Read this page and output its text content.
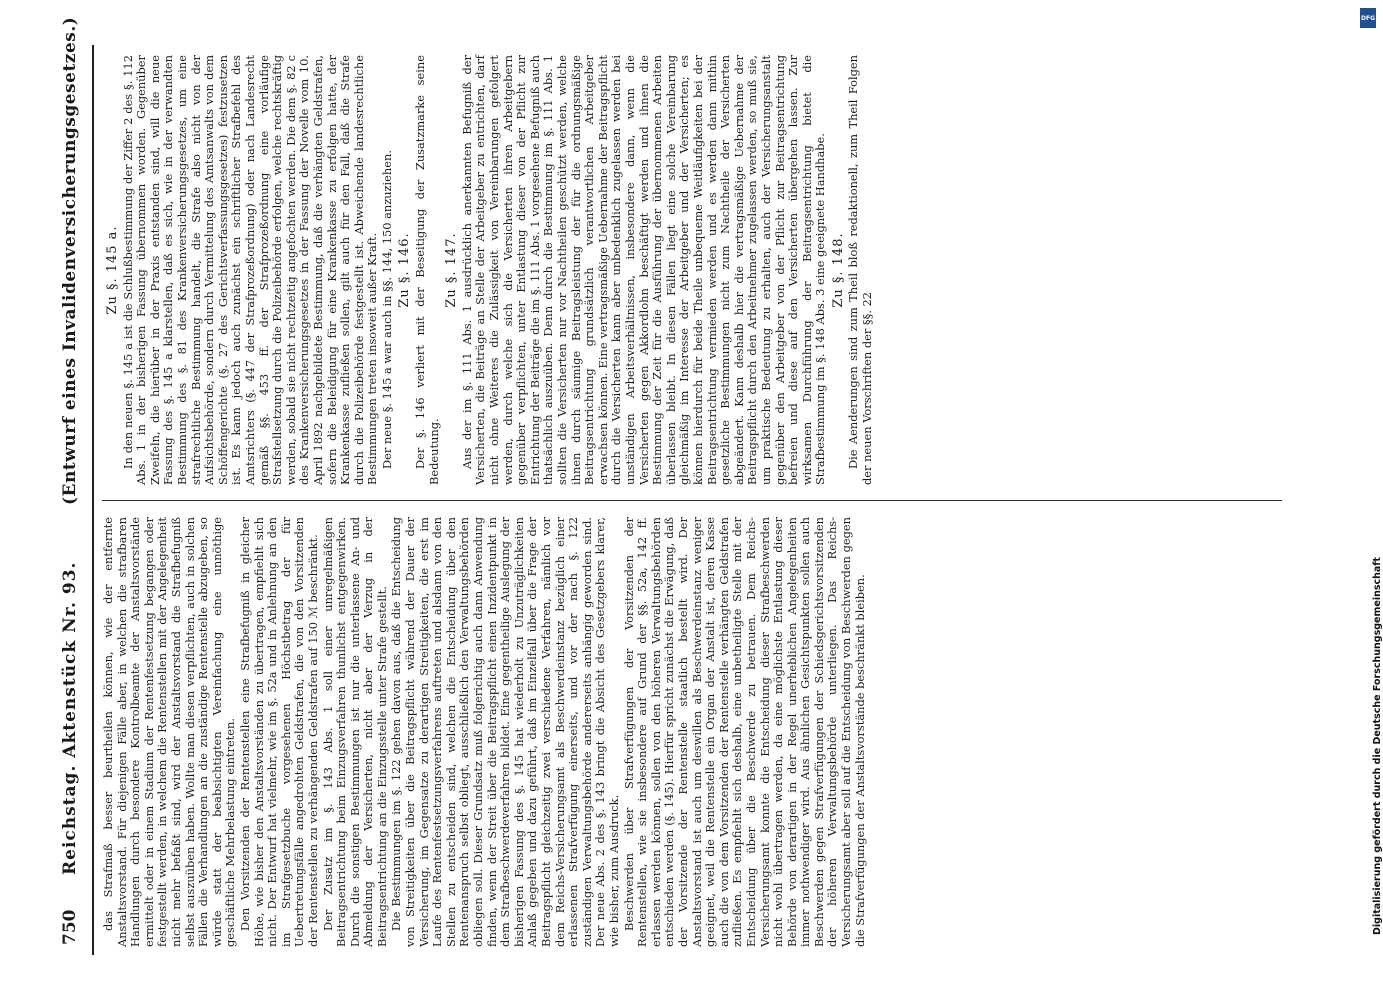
750
Reichstag. Aktenstück Nr. 93.
(Entwurf eines Invalidenversicherungsgesetzes.)

das Strafmaß besser beurtheilen können, wie der entfernte Anstaltsvorstand. Für diejenigen Fälle aber, in welchen die strafbaren Handlungen durch besondere Kontrolbeamte der Anstaltsvorstände ermittelt oder in einem Stadium der Rentenfestsetzung begangen oder festgestellt werden, in welchem die Rentenstellen mit der Angelegenheit nicht mehr befaßt sind, wird der Anstaltsvorstand die Strafbefugniß selbst auszuüben haben. Wollte man diesen verpflichten, auch in solchen Fällen die Verhandlungen an die zuständige Rentenstelle abzugeben, so würde statt der beabsichtigten Vereinfachung eine unnöthige geschäftliche Mehrbelastung eintreten. Den Vorsitzenden der Rentenstellen eine Strafbefugniß in gleicher Höhe, wie bisher den Anstaltsvorständen zu übertragen, empfiehlt sich nicht. Der Entwurf hat vielmehr, wie im §. 52a und in Anlehnung an den im Strafgesetzbuche vorgesehenen Höchstbetrag der für Uebertretungsfälle angedrohten Geldstrafen, die von den Vorsitzenden der Rentenstellen zu verhängenden Geldstrafen auf 150 ℳ beschränkt. Der Zusatz im §. 143 Abs. 1 soll einer unregelmäßigen Beitragsentrichtung beim Einzugsverfahren thunlichst entgegenwirken. Durch die sonstigen Bestimmungen ist nur die unterlassene An- und Abmeldung der Versicherten, nicht aber der Verzug in der Beitragsentrichtung an die Einzugsstelle unter Strafe gestellt. Die Bestimmungen im §. 122 gehen davon aus, daß die Entscheidung von Streitigkeiten über die Beitragspflicht während der Dauer der Versicherung, im Gegensatze zu derartigen Streitigkeiten, die erst im Laufe des Rentenfestsetzungsverfahrens auftreten und alsdann von den Stellen zu entscheiden sind, welchen die Entscheidung über den Rentenanspruch selbst obliegt, ausschließlich den Verwaltungsbehörden obliegen soll. Dieser Grundsatz muß folgerichtig auch dann Anwendung finden, wenn der Streit über die Beitragspflicht einen Inzidentpunkt in dem Strafbeschwerdeverfahren bildet. Eine gegentheilige Auslegung der bisherigen Fassung des §. 145 hat wiederholt zu Unzuträglichkeiten Anlaß gegeben und dazu geführt, daß im Einzelfall über die Frage der Beitragspflicht gleichzeitig zwei verschiedene Verfahren, nämlich vor dem Reichs-Versicherungsamt als Beschwerdeinstanz bezüglich einer erlassenen Strafverfügung einerseits, und vor der nach §. 122 zuständigen Verwaltungsbehörde andererseits anhängig geworden sind. Der neue Abs. 2 des §. 143 bringt die Absicht des Gesetzgebers klarer, wie bisher, zum Ausdruck. Beschwerden über Strafverfügungen der Vorsitzenden der Rentenstellen, wie sie insbesondere auf Grund der §§. 52a, 142 ff. erlassen werden können, sollen von den höheren Verwaltungsbehörden entschieden werden (§. 145). Hierfür spricht zunächst die Erwägung, daß der Vorsitzende der Rentenstelle staatlich bestellt wird. Der Anstaltsvorstand ist auch um deswillen als Beschwerdeinstanz weniger geeignet, weil die Rentenstelle ein Organ der Anstalt ist, deren Kasse auch die von dem Vorsitzenden der Rentenstelle verhängten Geldstrafen zufließen. Es empfiehlt sich deshalb, eine unbetheiligte Stelle mit der Entscheidung über die Beschwerde zu betrauen. Dem Reichs-Versicherungsamt konnte die Entscheidung dieser Strafbeschwerden nicht wohl übertragen werden, da eine möglichste Entlastung dieser Behörde von derartigen in der Regel unerheblichen Angelegenheiten immer nothwendiger wird. Aus ähnlichen Gesichtspunkten sollen auch Beschwerden gegen Strafverfügungen der Schiedsgerichtsvorsitzenden der höheren Verwaltungsbehörde unterliegen. Das Reichs-Versicherungsamt aber soll auf die Entscheidung von Beschwerden gegen die Strafverfügungen der Anstaltsvorstände beschränkt bleiben.

Zu §. 145 a. In den neuen §. 145 a ist die Schlußbestimmung der Ziffer 2 des §. 112 Abs. 1 in der bisherigen Fassung übernommen worden. Gegenüber Zweifeln, die hierüber in der Praxis entstanden sind, will die neue Fassung des §. 145 a klarstellen, daß es sich, wie in der verwandten Bestimmung des §. 81 des Krankenversicherungsgesetzes, um eine strafrechtliche Bestimmung handelt, die Strafe also nicht von der Aufsichtsbehörde, sondern durch Vermittelung des Amtsanwalts von dem Schöffengerichte (§. 27 des Gerichtsverfassungsgesetzes) festzusetzen ist. Es kann jedoch auch zunächst ein schriftlicher Strafbefehl des Amtsrichters (§. 447 der Strafprozeßordnung) oder nach Landesrecht gemäß §§. 453 ff. der Strafprozeßordnung eine vorläufige Strafstellsetzung durch die Polizeibehörde erfolgen, welche rechtskräftig werden, sobald sie nicht rechtzeitig angefochten werden. Die dem §. 82 c des Krankenversicherungsgesetzes in der Fassung der Novelle vom 10. April 1892 nachgebildete Bestimmung, daß die verhängten Geldstrafen, sofern die Beleidigung für eine Krankenkasse zu erfolgen hatte, der Krankenkasse zufließen sollen, gilt auch für den Fall, daß die Strafe durch die Polizeibehörde festgestellt ist. Abweichende landesrechtliche Bestimmungen treten insoweit außer Kraft. Der neue §. 145 a war auch in §§. 144, 150 anzuziehen. Zu §. 146. Der §. 146 verliert mit der Beseitigung der Zusatzmarke seine Bedeutung.

Zu §. 147. Aus der im §. 111 Abs. 1 ausdrücklich anerkannten Befugniß der Versicherten, die Beiträge an Stelle der Arbeitgeber zu entrichten, darf nicht ohne Weiteres die Zulässigkeit von Vereinbarungen gefolgert werden, durch welche sich die Versicherten ihren Arbeitgebern gegenüber verpflichten, unter Entlastung dieser von der Pflicht zur Entrichtung der Beiträge die im §. 111 Abs. 1 vorgesehene Befugniß auch thatsächlich auszuüben. Denn durch die Bestimmung im §. 111 Abs. 1 sollten die Versicherten nur vor Nachtheilen geschützt werden, welche ihnen durch säumige Beitragsleistung der für die ordnungsmäßige Beitragsentrichtung grundsätzlich verantwortlichen Arbeitgeber erwachsen können. Eine vertragsmäßige Uebernahme der Beitragspflicht durch die Versicherten kann aber unbedenklich zugelassen werden bei unständigen Arbeitsverhältnissen, insbesondere dann, wenn die Versicherten gegen Akkordlohn beschäftigt werden und ihnen die Bestimmung der Zeit für die Ausführung der übernommenen Arbeiten überlassen bleibt. In diesen Fällen liegt eine solche Vereinbarung gleichmäßig im Interesse der Arbeitgeber und der Versicherten; es können hierdurch für beide Theile unbequeme Weitläufigkeiten bei der Beitragsentrichtung vermieden werden und es werden dann mithin gesetzliche Bestimmungen nicht zum Nachtheile der Versicherten abgeändert. Kann deshalb hier die vertragsmäßige Uebernahme der Beitragspflicht durch den Arbeitnehmer zugelassen werden, so muß sie, um praktische Bedeutung zu erhalten, auch der Versicherungsanstalt gegenüber den Arbeitgeber von der Pflicht zur Beitragsentrichtung befreien und diese auf den Versicherten übergehen lassen. Zur wirksamen Durchführung der Beitragsentrichtung bietet die Strafbestimmung im §. 148 Abs. 3 eine geeignete Handhabe. Zu §. 148. Die Aenderungen sind zum Theil bloß redaktionell, zum Theil Folgen der neuen Vorschriften der §§. 22

DFG
Digitalisierung gefördert durch die Deutsche Forschungsgemeinschaft
